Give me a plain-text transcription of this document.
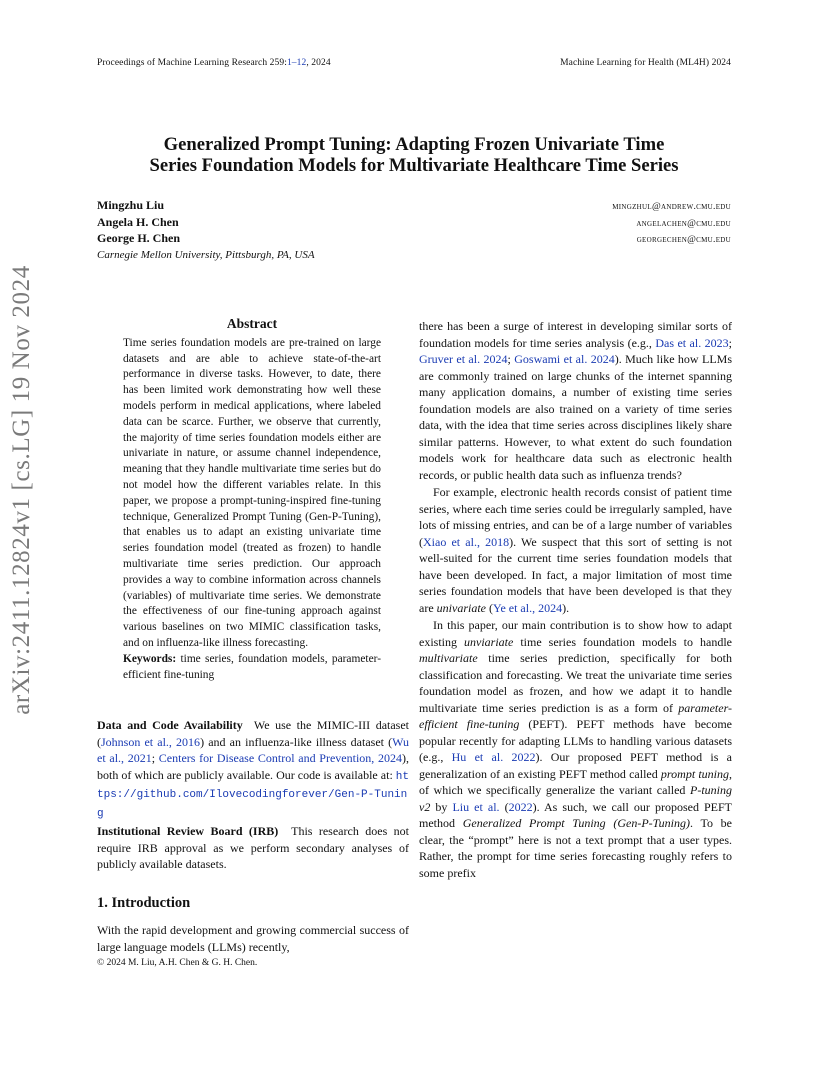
Proceedings of Machine Learning Research 259:1–12, 2024	Machine Learning for Health (ML4H) 2024
Generalized Prompt Tuning: Adapting Frozen Univariate Time
Series Foundation Models for Multivariate Healthcare Time Series
Mingzhu Liu
Angela H. Chen
George H. Chen
Carnegie Mellon University, Pittsburgh, PA, USA
mingzhul@andrew.cmu.edu
angelachen@cmu.edu
georgechen@cmu.edu
arXiv:2411.12824v1 [cs.LG] 19 Nov 2024	Abstract

Time series foundation models are pre-trained on large datasets and are able to achieve state-of-the-art performance in diverse tasks. However, to date, there has been limited work demonstrating how well these models perform in medical applications, where labeled data can be scarce. Further, we observe that currently, the majority of time series foundation models either are univariate in nature, or assume channel independence, meaning that they handle multivariate time series but do not model how the different variables relate. In this paper, we propose a prompt-tuning-inspired fine-tuning technique, Generalized Prompt Tuning (Gen-P-Tuning), that enables us to adapt an existing univariate time series foundation model (treated as frozen) to handle multivariate time series prediction. Our approach provides a way to combine information across channels (variables) of multivariate time series. We demonstrate the effectiveness of our fine-tuning approach against various baselines on two MIMIC classification tasks, and on influenza-like illness forecasting.

Keywords: time series, foundation models, parameter-efficient fine-tuning

Data and Code Availability We use the MIMIC-III dataset (Johnson et al., 2016) and an influenza-like illness dataset (Wu et al., 2021; Centers for Disease Control and Prevention, 2024), both of which are publicly available. Our code is available at: https://github.com/Ilovecodingforever/Gen-P-Tuning

Institutional Review Board (IRB) This research does not require IRB approval as we perform secondary analyses of publicly available datasets.

1. Introduction

With the rapid development and growing commercial success of large language models (LLMs) recently,

there has been a surge of interest in developing similar sorts of foundation models for time series analysis (e.g., Das et al. 2023; Gruver et al. 2024; Goswami et al. 2024). Much like how LLMs are commonly trained on large chunks of the internet spanning many application domains, a number of existing time series foundation models are also trained on a variety of time series data, with the idea that time series across disciplines likely share similar patterns. However, to what extent do such foundation models work for healthcare data such as electronic health records, or public health data such as influenza trends?

For example, electronic health records consist of patient time series, where each time series could be irregularly sampled, have lots of missing entries, and can be of a large number of variables (Xiao et al., 2018). We suspect that this sort of setting is not well-suited for the current time series foundation models that have been developed. In fact, a major limitation of most time series foundation models that have been developed is that they are univariate (Ye et al., 2024).

In this paper, our main contribution is to show how to adapt existing unviariate time series foundation models to handle multivariate time series prediction, specifically for both classification and forecasting. We treat the univariate time series foundation model as frozen, and how we adapt it to handle multivariate time series prediction is as a form of parameter-efficient fine-tuning (PEFT). PEFT methods have become popular recently for adapting LLMs to handling various datasets (e.g., Hu et al. 2022). Our proposed PEFT method is a generalization of an existing PEFT method called prompt tuning, of which we specifically generalize the variant called P-tuning v2 by Liu et al. (2022). As such, we call our proposed PEFT method Generalized Prompt Tuning (Gen-P-Tuning). To be clear, the “prompt” here is not a text prompt that a user types. Rather, the prompt for time series forecasting roughly refers to some prefix

© 2024 M. Liu, A.H. Chen & G. H. Chen.
